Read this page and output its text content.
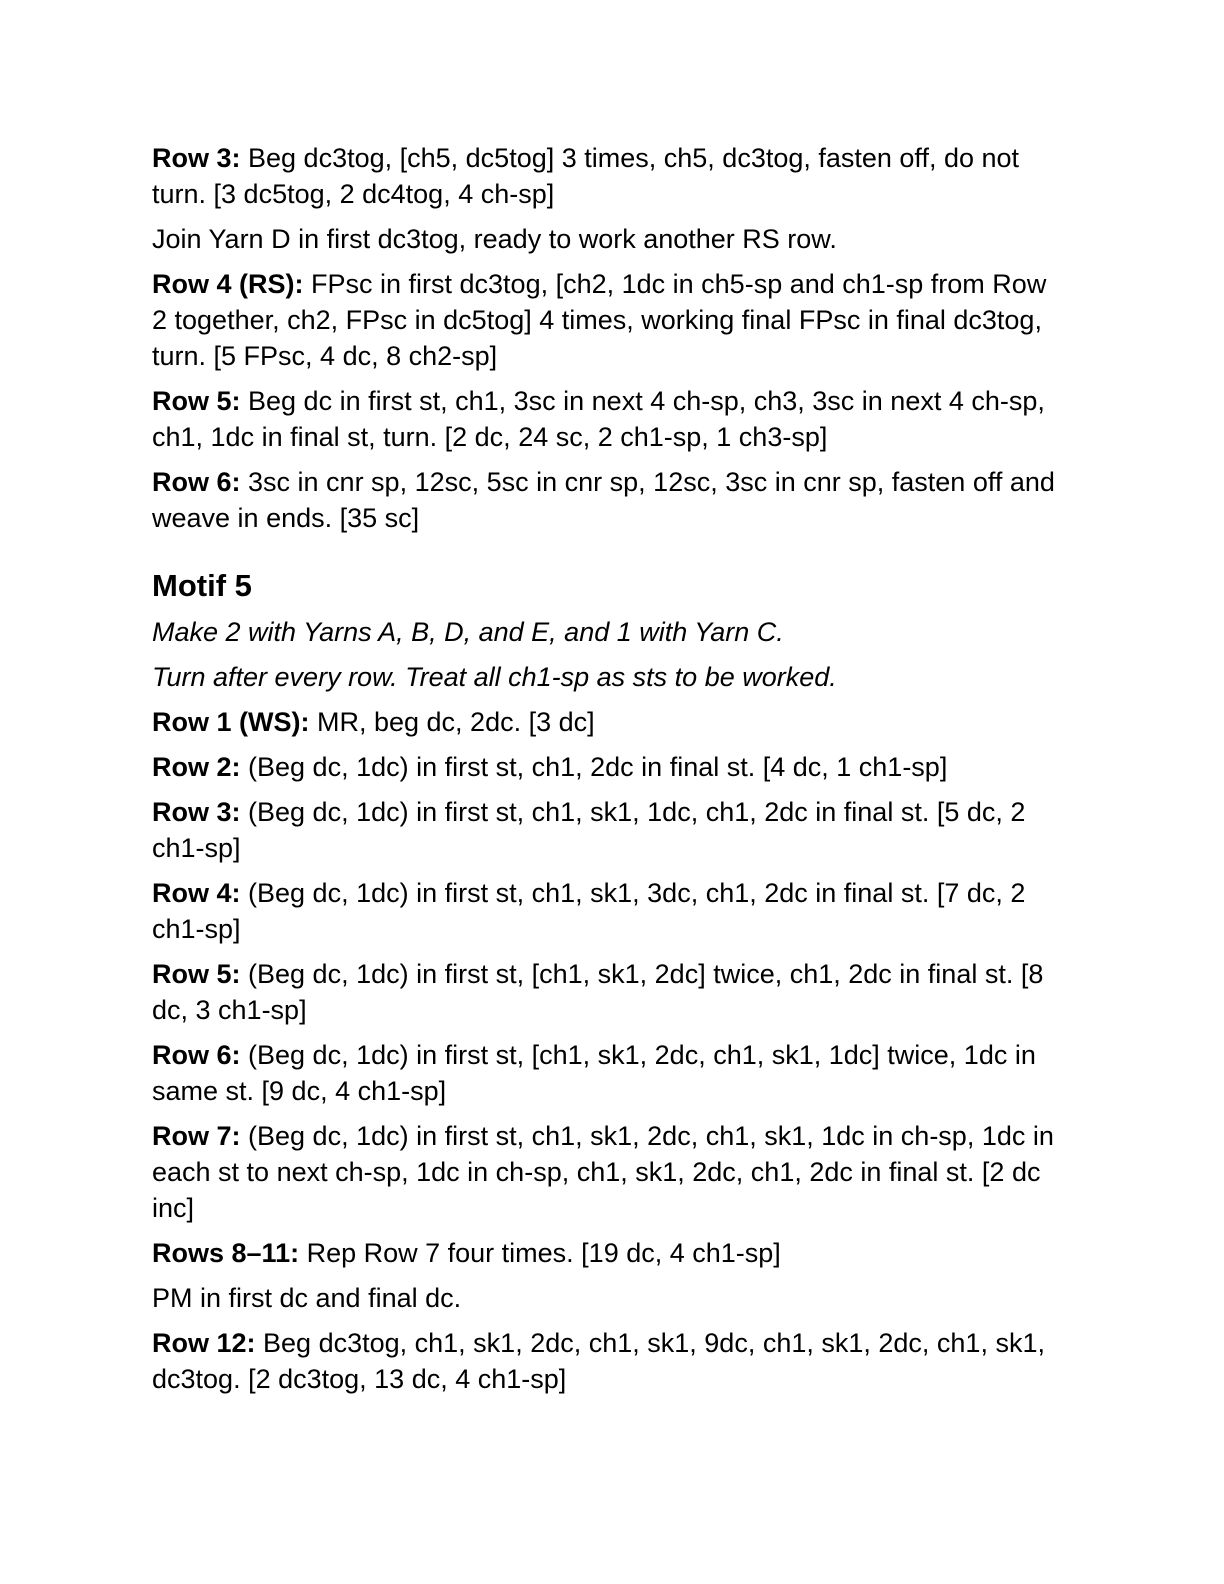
Row 3: Beg dc3tog, [ch5, dc5tog] 3 times, ch5, dc3tog, fasten off, do not turn. [3 dc5tog, 2 dc4tog, 4 ch-sp]

Join Yarn D in first dc3tog, ready to work another RS row.

Row 4 (RS): FPsc in first dc3tog, [ch2, 1dc in ch5-sp and ch1-sp from Row 2 together, ch2, FPsc in dc5tog] 4 times, working final FPsc in final dc3tog, turn. [5 FPsc, 4 dc, 8 ch2-sp]

Row 5: Beg dc in first st, ch1, 3sc in next 4 ch-sp, ch3, 3sc in next 4 ch-sp, ch1, 1dc in final st, turn. [2 dc, 24 sc, 2 ch1-sp, 1 ch3-sp]

Row 6: 3sc in cnr sp, 12sc, 5sc in cnr sp, 12sc, 3sc in cnr sp, fasten off and weave in ends. [35 sc]

Motif 5

Make 2 with Yarns A, B, D, and E, and 1 with Yarn C.

Turn after every row. Treat all ch1-sp as sts to be worked.

Row 1 (WS): MR, beg dc, 2dc. [3 dc]

Row 2: (Beg dc, 1dc) in first st, ch1, 2dc in final st. [4 dc, 1 ch1-sp]

Row 3: (Beg dc, 1dc) in first st, ch1, sk1, 1dc, ch1, 2dc in final st. [5 dc, 2 ch1-sp]

Row 4: (Beg dc, 1dc) in first st, ch1, sk1, 3dc, ch1, 2dc in final st. [7 dc, 2 ch1-sp]

Row 5: (Beg dc, 1dc) in first st, [ch1, sk1, 2dc] twice, ch1, 2dc in final st. [8 dc, 3 ch1-sp]

Row 6: (Beg dc, 1dc) in first st, [ch1, sk1, 2dc, ch1, sk1, 1dc] twice, 1dc in same st. [9 dc, 4 ch1-sp]

Row 7: (Beg dc, 1dc) in first st, ch1, sk1, 2dc, ch1, sk1, 1dc in ch-sp, 1dc in each st to next ch-sp, 1dc in ch-sp, ch1, sk1, 2dc, ch1, 2dc in final st. [2 dc inc]

Rows 8–11: Rep Row 7 four times. [19 dc, 4 ch1-sp]

PM in first dc and final dc.

Row 12: Beg dc3tog, ch1, sk1, 2dc, ch1, sk1, 9dc, ch1, sk1, 2dc, ch1, sk1, dc3tog. [2 dc3tog, 13 dc, 4 ch1-sp]
